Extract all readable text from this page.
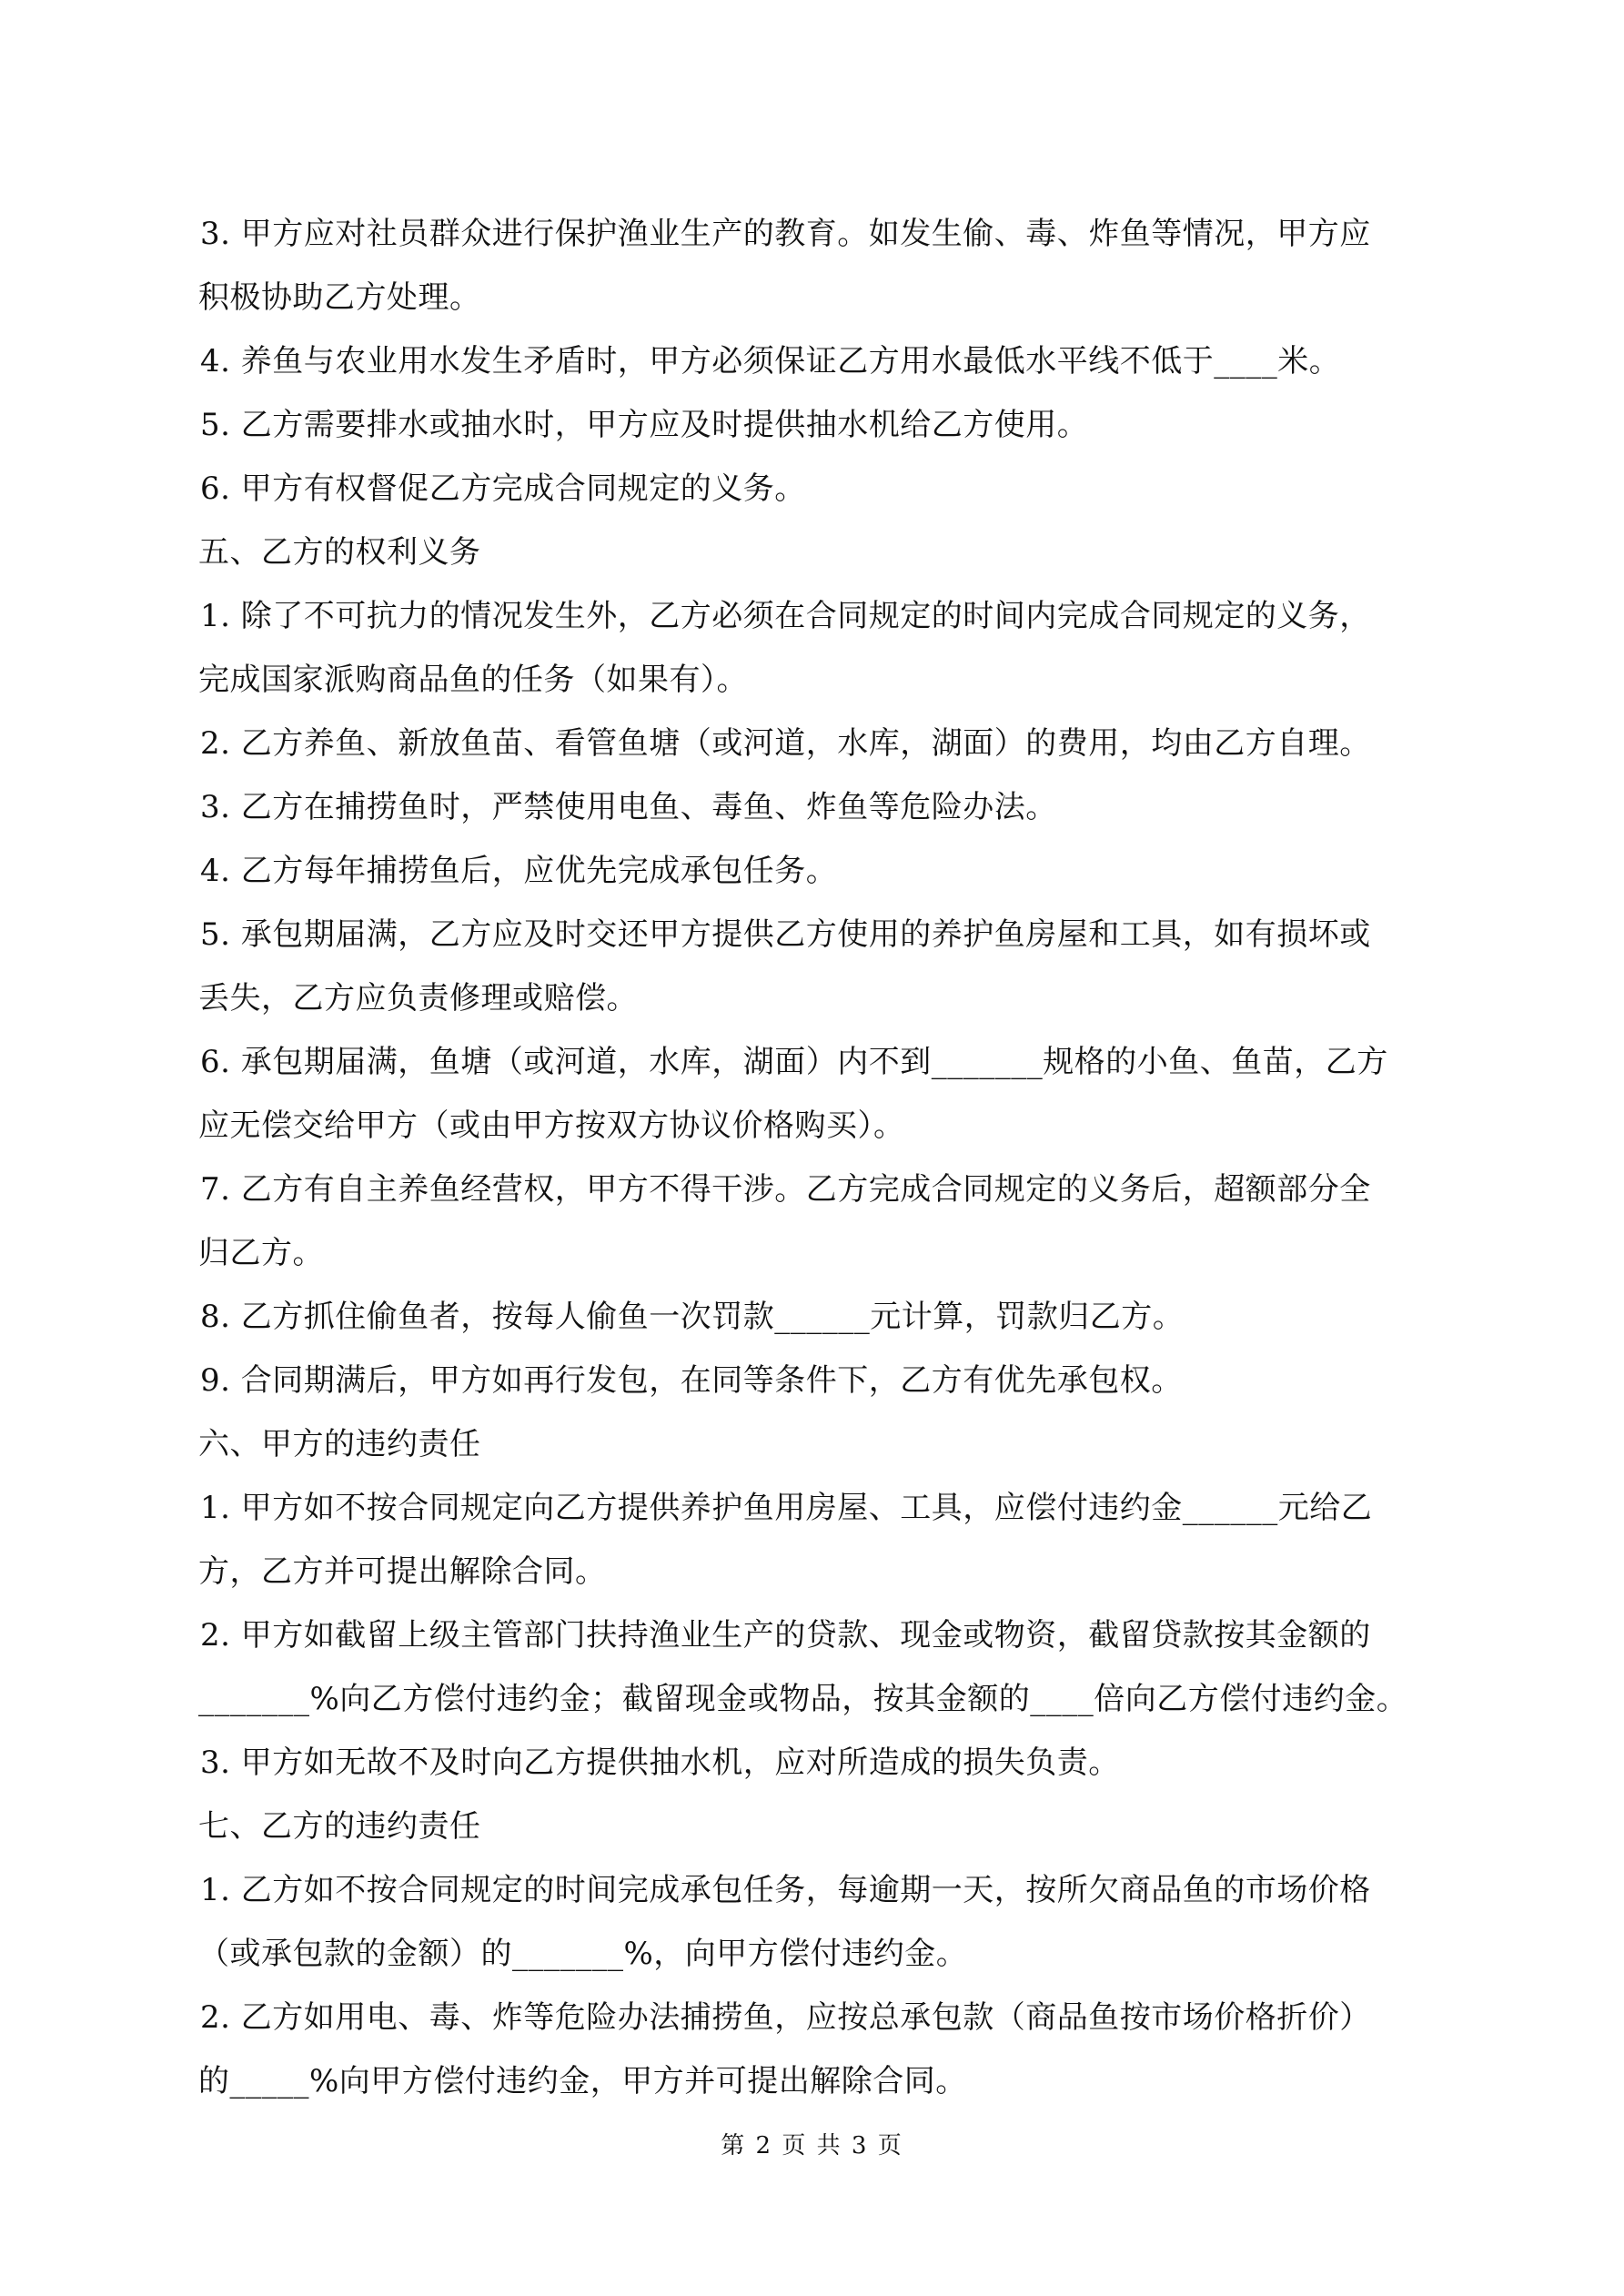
3. 甲方应对社员群众进行保护渔业生产的教育。如发生偷、毒、炸鱼等情况，甲方应
积极协助乙方处理。
4. 养鱼与农业用水发生矛盾时，甲方必须保证乙方用水最低水平线不低于____米。
5. 乙方需要排水或抽水时，甲方应及时提供抽水机给乙方使用。
6. 甲方有权督促乙方完成合同规定的义务。
五、乙方的权利义务
1. 除了不可抗力的情况发生外，乙方必须在合同规定的时间内完成合同规定的义务，
完成国家派购商品鱼的任务（如果有）。
2. 乙方养鱼、新放鱼苗、看管鱼塘（或河道，水库，湖面）的费用，均由乙方自理。
3. 乙方在捕捞鱼时，严禁使用电鱼、毒鱼、炸鱼等危险办法。
4. 乙方每年捕捞鱼后，应优先完成承包任务。
5. 承包期届满，乙方应及时交还甲方提供乙方使用的养护鱼房屋和工具，如有损坏或
丢失，乙方应负责修理或赔偿。
6. 承包期届满，鱼塘（或河道，水库，湖面）内不到_______规格的小鱼、鱼苗，乙方
应无偿交给甲方（或由甲方按双方协议价格购买）。
7. 乙方有自主养鱼经营权，甲方不得干涉。乙方完成合同规定的义务后，超额部分全
归乙方。
8. 乙方抓住偷鱼者，按每人偷鱼一次罚款______元计算，罚款归乙方。
9. 合同期满后，甲方如再行发包，在同等条件下，乙方有优先承包权。
六、甲方的违约责任
1. 甲方如不按合同规定向乙方提供养护鱼用房屋、工具，应偿付违约金______元给乙
方，乙方并可提出解除合同。
2. 甲方如截留上级主管部门扶持渔业生产的贷款、现金或物资，截留贷款按其金额的
_______%向乙方偿付违约金；截留现金或物品，按其金额的____倍向乙方偿付违约金。
3. 甲方如无故不及时向乙方提供抽水机，应对所造成的损失负责。
七、乙方的违约责任
1. 乙方如不按合同规定的时间完成承包任务，每逾期一天，按所欠商品鱼的市场价格
（或承包款的金额）的_______%，向甲方偿付违约金。
2. 乙方如用电、毒、炸等危险办法捕捞鱼，应按总承包款（商品鱼按市场价格折价）
的_____%向甲方偿付违约金，甲方并可提出解除合同。
第 2 页 共 3 页
